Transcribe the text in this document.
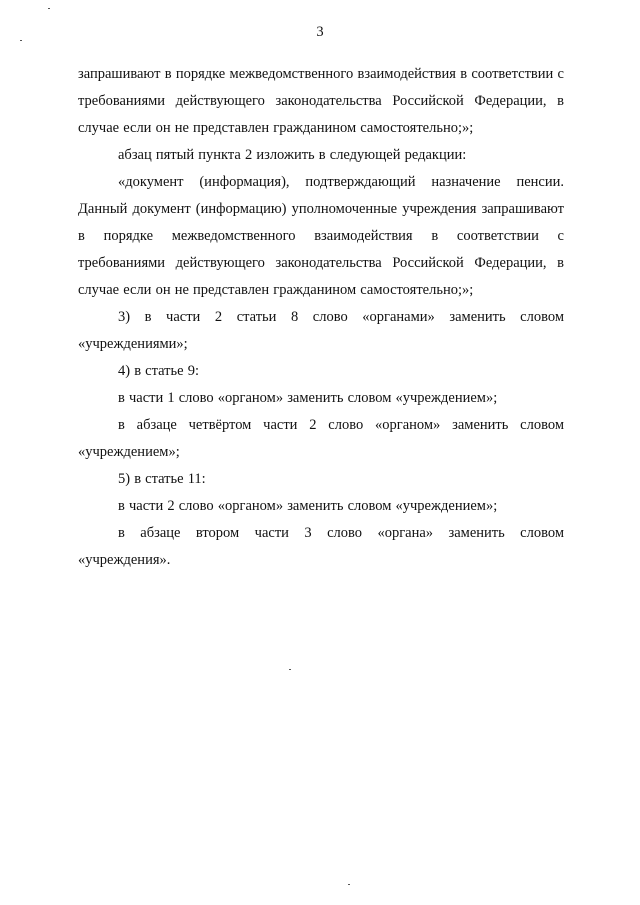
3

запрашивают в порядке межведомственного взаимодействия в соответствии с требованиями действующего законодательства Российской Федерации, в случае если он не представлен гражданином самостоятельно;»;

абзац пятый пункта 2 изложить в следующей редакции:

«документ (информация), подтверждающий назначение пенсии. Данный документ (информацию) уполномоченные учреждения запрашивают в порядке межведомственного взаимодействия в соответствии с требованиями действующего законодательства Российской Федерации, в случае если он не представлен гражданином самостоятельно;»;

3) в части 2 статьи 8 слово «органами» заменить словом «учреждениями»;

4) в статье 9:

в части 1 слово «органом» заменить словом «учреждением»;

в абзаце четвёртом части 2 слово «органом» заменить словом «учреждением»;

5) в статье 11:

в части 2 слово «органом» заменить словом «учреждением»;

в абзаце втором части 3 слово «органа» заменить словом «учреждения».
